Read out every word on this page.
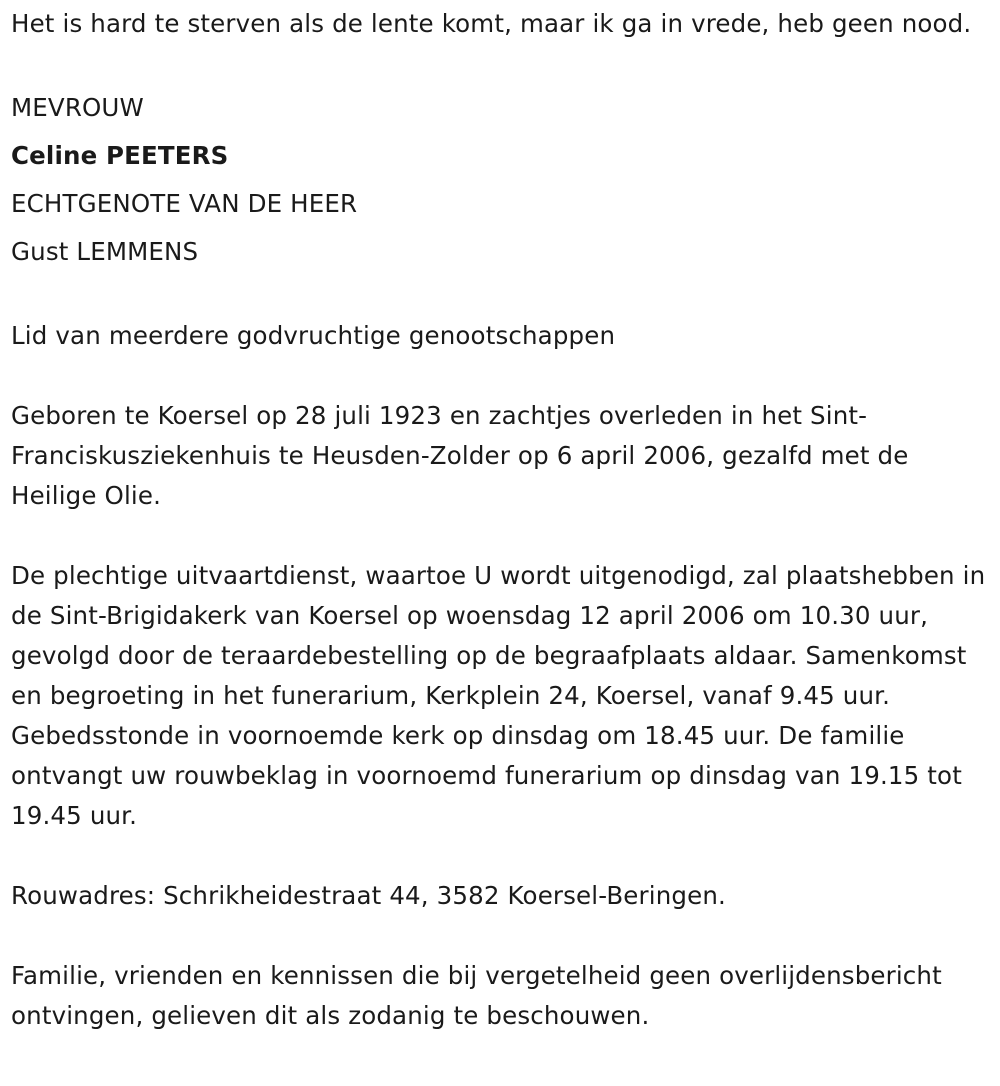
Het is hard te sterven als de lente komt, maar ik ga in vrede, heb geen nood.

MEVROUW

Celine PEETERS

ECHTGENOTE VAN DE HEER

Gust LEMMENS

Lid van meerdere godvruchtige genootschappen

Geboren te Koersel op 28 juli 1923 en zachtjes overleden in het Sint-Franciskusziekenhuis te Heusden-Zolder op 6 april 2006, gezalfd met de Heilige Olie.

De plechtige uitvaartdienst, waartoe U wordt uitgenodigd, zal plaatshebben in de Sint-Brigidakerk van Koersel op woensdag 12 april 2006 om 10.30 uur, gevolgd door de teraardebestelling op de begraafplaats aldaar. Samenkomst en begroeting in het funerarium, Kerkplein 24, Koersel, vanaf 9.45 uur. Gebedsstonde in voornoemde kerk op dinsdag om 18.45 uur. De familie ontvangt uw rouwbeklag in voornoemd funerarium op dinsdag van 19.15 tot 19.45 uur.

Rouwadres: Schrikheidestraat 44, 3582 Koersel-Beringen.

Familie, vrienden en kennissen die bij vergetelheid geen overlijdensbericht ontvingen, gelieven dit als zodanig te beschouwen.
